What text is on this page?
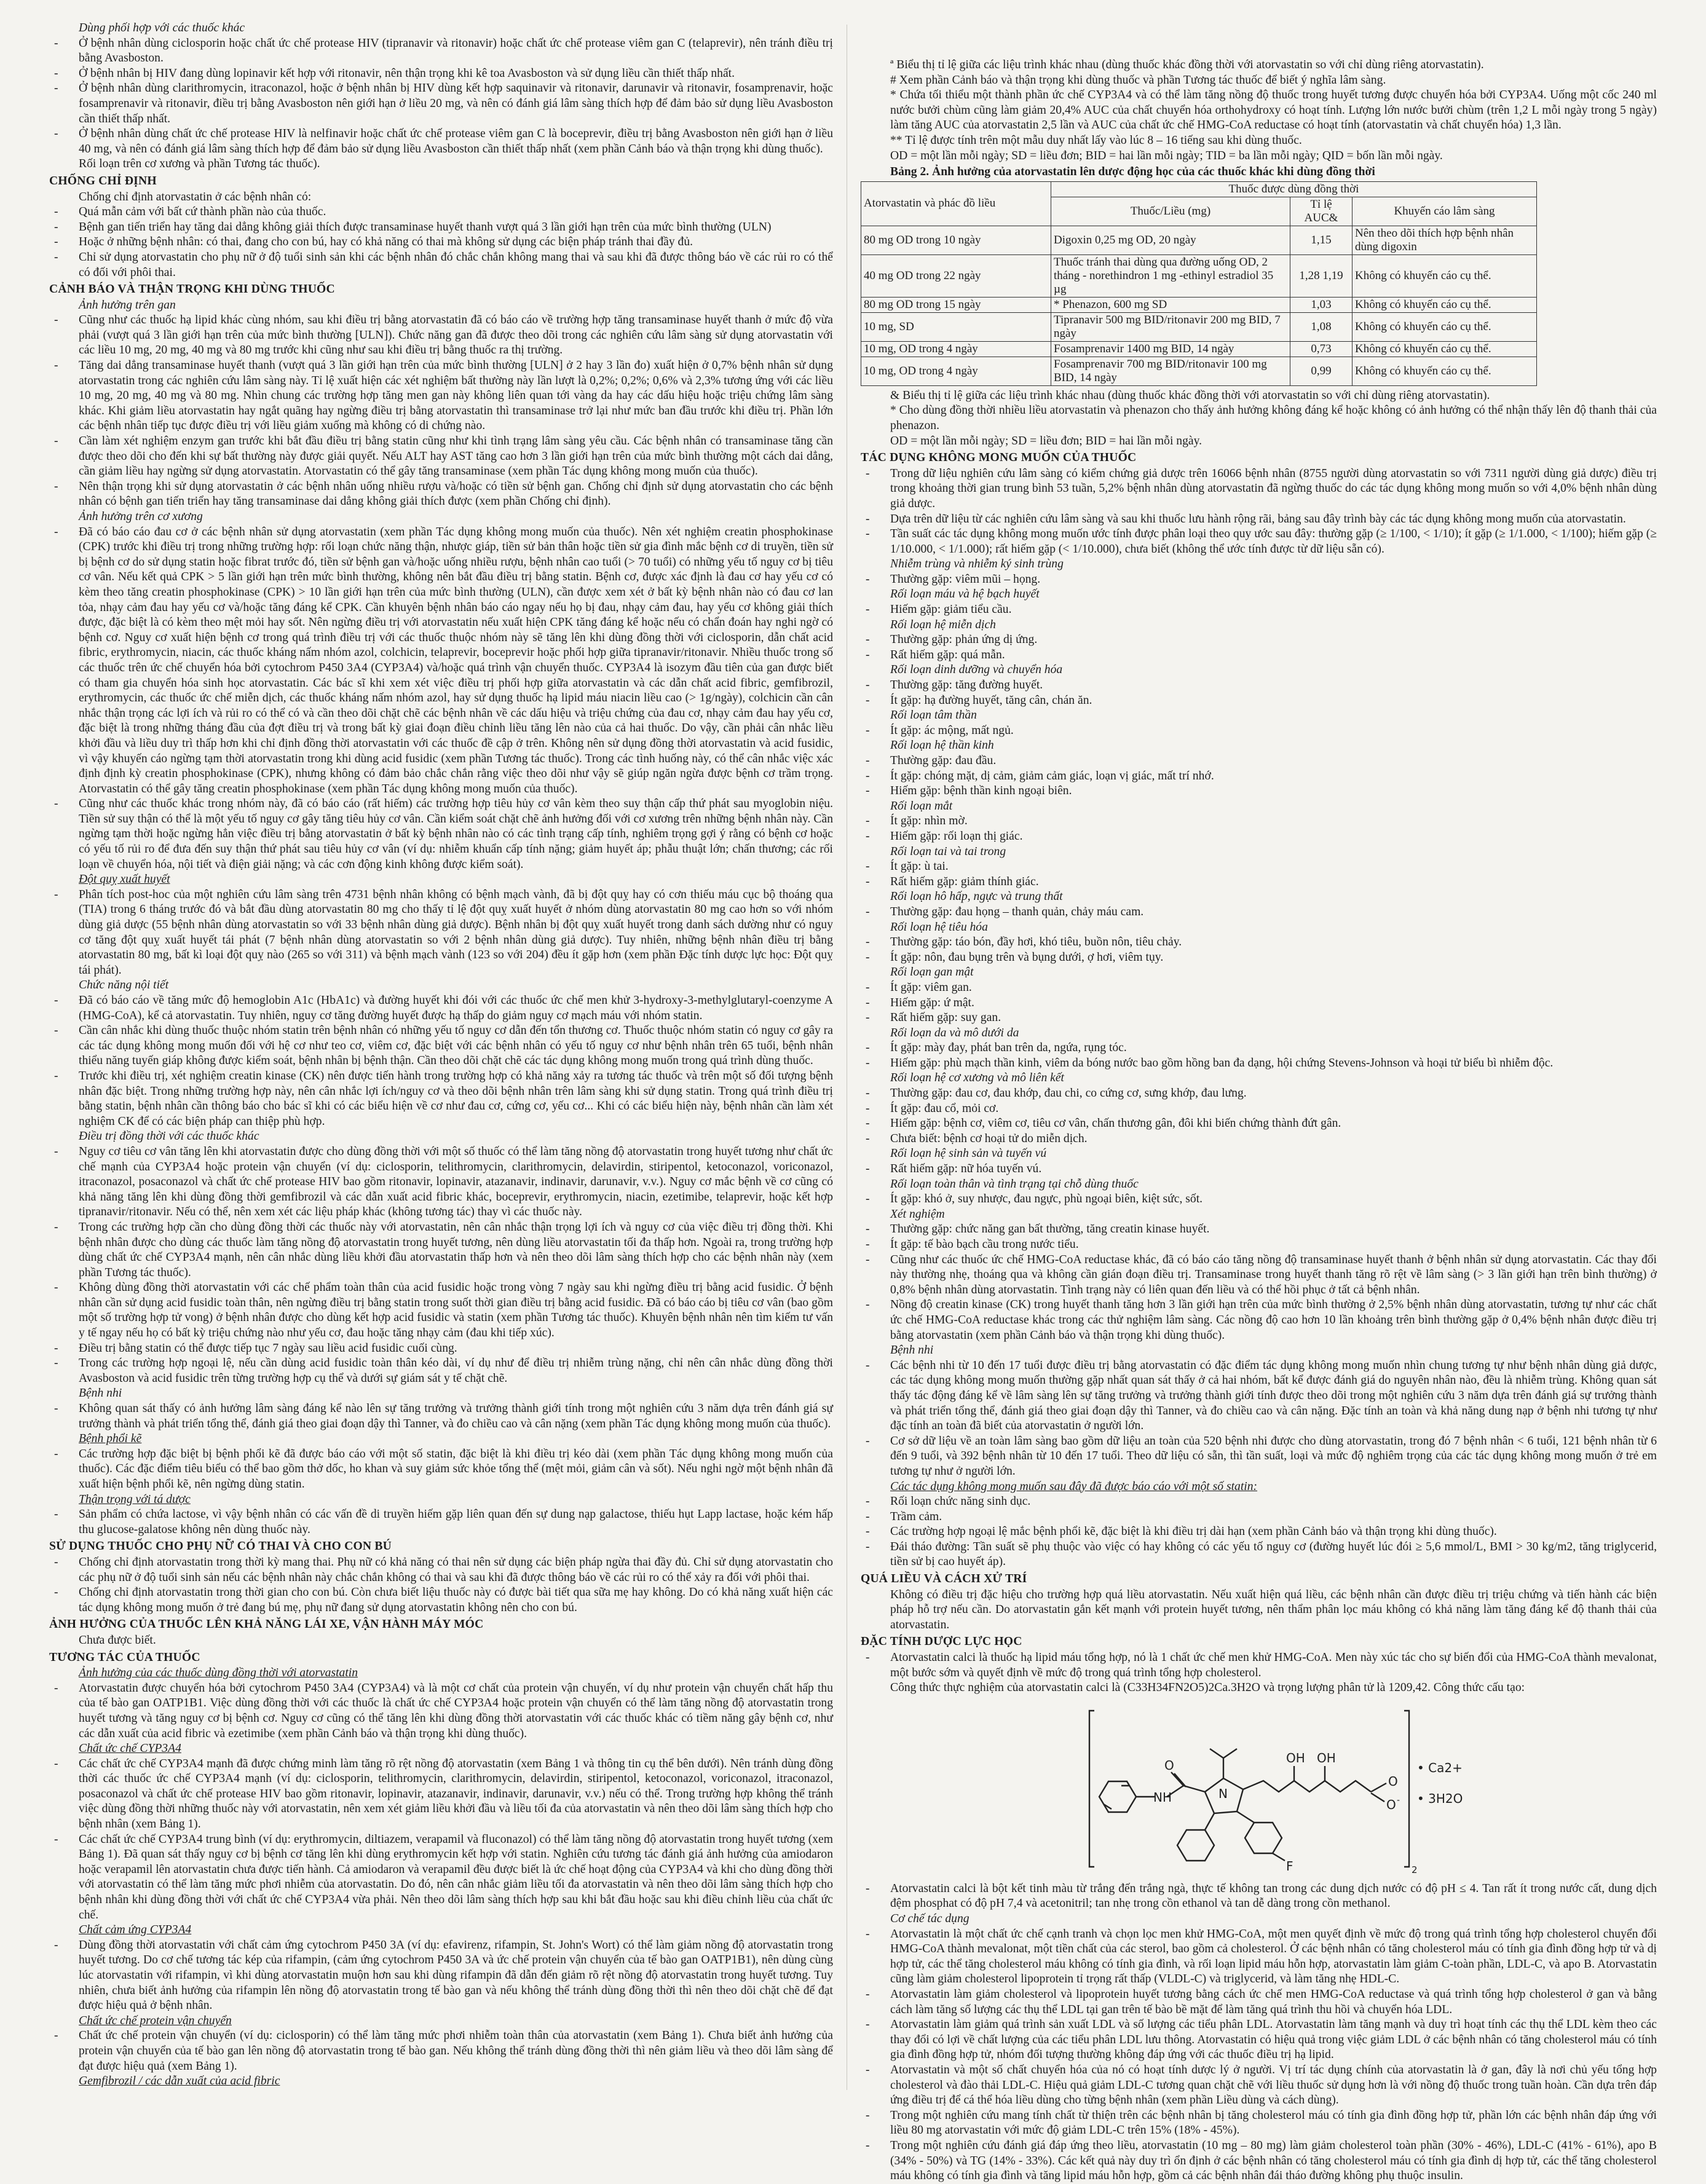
Dùng phối hợp với các thuốc khác

- Ở bệnh nhân dùng ciclosporin hoặc chất ức chế protease HIV (tipranavir và ritonavir) hoặc chất ức chế protease viêm gan C (telaprevir), nên tránh điều trị bằng Avasboston.
- Ở bệnh nhân bị HIV đang dùng lopinavir kết hợp với ritonavir, nên thận trọng khi kê toa Avasboston và sử dụng liều cần thiết thấp nhất.
- Ở bệnh nhân dùng clarithromycin, itraconazol, hoặc ở bệnh nhân bị HIV dùng kết hợp saquinavir và ritonavir, darunavir và ritonavir, fosamprenavir, hoặc fosamprenavir và ritonavir, điều trị bằng Avasboston nên giới hạn ở liều 20 mg, và nên có đánh giá lâm sàng thích hợp để đảm bảo sử dụng liều Avasboston cần thiết thấp nhất.
- Ở bệnh nhân dùng chất ức chế protease HIV là nelfinavir hoặc chất ức chế protease viêm gan C là boceprevir, điều trị bằng Avasboston nên giới hạn ở liều 40 mg, và nên có đánh giá lâm sàng thích hợp để đảm bảo sử dụng liều Avasboston cần thiết thấp nhất (xem phần Cảnh báo và thận trọng khi dùng thuốc).

Rối loạn trên cơ xương và phần Tương tác thuốc).

CHỐNG CHỈ ĐỊNH

Chống chỉ định atorvastatin ở các bệnh nhân có:

- Quá mẫn cảm với bất cứ thành phần nào của thuốc.
- Bệnh gan tiến triển hay tăng dai dẳng không giải thích được transaminase huyết thanh vượt quá 3 lần giới hạn trên của mức bình thường (ULN)
- Hoặc ở những bệnh nhân: có thai, đang cho con bú, hay có khả năng có thai mà không sử dụng các biện pháp tránh thai đầy đủ.
- Chỉ sử dụng atorvastatin cho phụ nữ ở độ tuổi sinh sản khi các bệnh nhân đó chắc chắn không mang thai và sau khi đã được thông báo về các rủi ro có thể có đối với phôi thai.

CẢNH BÁO VÀ THẬN TRỌNG KHI DÙNG THUỐC

Ảnh hưởng trên gan

- Cũng như các thuốc hạ lipid khác cùng nhóm, sau khi điều trị bằng atorvastatin đã có báo cáo về trường hợp tăng transaminase huyết thanh ở mức độ vừa phải (vượt quá 3 lần giới hạn trên của mức bình thường [ULN]). Chức năng gan đã được theo dõi trong các nghiên cứu lâm sàng sử dụng atorvastatin với các liều 10 mg, 20 mg, 40 mg và 80 mg trước khi cũng như sau khi điều trị bằng thuốc ra thị trường.
- Tăng dai dẳng transaminase huyết thanh (vượt quá 3 lần giới hạn trên của mức bình thường [ULN] ở 2 hay 3 lần đo) xuất hiện ở 0,7% bệnh nhân sử dụng atorvastatin trong các nghiên cứu lâm sàng này. Tỉ lệ xuất hiện các xét nghiệm bất thường này lần lượt là 0,2%; 0,2%; 0,6% và 2,3% tương ứng với các liều 10 mg, 20 mg, 40 mg và 80 mg. Nhìn chung các trường hợp tăng men gan này không liên quan tới vàng da hay các dấu hiệu hoặc triệu chứng lâm sàng khác. Khi giảm liều atorvastatin hay ngắt quãng hay ngừng điều trị bằng atorvastatin thì transaminase trở lại như mức ban đầu trước khi điều trị. Phần lớn các bệnh nhân tiếp tục được điều trị với liều giảm xuống mà không có di chứng nào.
- Cần làm xét nghiệm enzym gan trước khi bắt đầu điều trị bằng statin cũng như khi tình trạng lâm sàng yêu cầu. Các bệnh nhân có transaminase tăng cần được theo dõi cho đến khi sự bất thường này được giải quyết. Nếu ALT hay AST tăng cao hơn 3 lần giới hạn trên của mức bình thường một cách dai dẳng, cần giảm liều hay ngừng sử dụng atorvastatin. Atorvastatin có thể gây tăng transaminase (xem phần Tác dụng không mong muốn của thuốc).
- Nên thận trọng khi sử dụng atorvastatin ở các bệnh nhân uống nhiều rượu và/hoặc có tiền sử bệnh gan. Chống chỉ định sử dụng atorvastatin cho các bệnh nhân có bệnh gan tiến triển hay tăng transaminase dai dẳng không giải thích được (xem phần Chống chỉ định).

Ảnh hưởng trên cơ xương

- Đã có báo cáo đau cơ ở các bệnh nhân sử dụng atorvastatin (xem phần Tác dụng không mong muốn của thuốc). Nên xét nghiệm creatin phosphokinase (CPK) trước khi điều trị trong những trường hợp: rối loạn chức năng thận, nhược giáp, tiền sử bản thân hoặc tiền sử gia đình mắc bệnh cơ di truyền, tiền sử bị bệnh cơ do sử dụng statin hoặc fibrat trước đó, tiền sử bệnh gan và/hoặc uống nhiều rượu, bệnh nhân cao tuổi (> 70 tuổi) có những yếu tố nguy cơ bị tiêu cơ vân. Nếu kết quả CPK > 5 lần giới hạn trên mức bình thường, không nên bắt đầu điều trị bằng statin. Bệnh cơ, được xác định là đau cơ hay yếu cơ có kèm theo tăng creatin phosphokinase (CPK) > 10 lần giới hạn trên của mức bình thường (ULN), cần được xem xét ở bất kỳ bệnh nhân nào có đau cơ lan tỏa, nhạy cảm đau hay yếu cơ và/hoặc tăng đáng kể CPK. Cần khuyên bệnh nhân báo cáo ngay nếu họ bị đau, nhạy cảm đau, hay yếu cơ không giải thích được, đặc biệt là có kèm theo mệt mỏi hay sốt. Nên ngừng điều trị với atorvastatin nếu xuất hiện CPK tăng đáng kể hoặc nếu có chẩn đoán hay nghi ngờ có bệnh cơ. Nguy cơ xuất hiện bệnh cơ trong quá trình điều trị với các thuốc thuộc nhóm này sẽ tăng lên khi dùng đồng thời với ciclosporin, dẫn chất acid fibric, erythromycin, niacin, các thuốc kháng nấm nhóm azol, colchicin, telaprevir, boceprevir hoặc phối hợp giữa tipranavir/ritonavir. Nhiều thuốc trong số các thuốc trên ức chế chuyển hóa bởi cytochrom P450 3A4 (CYP3A4) và/hoặc quá trình vận chuyển thuốc. CYP3A4 là isozym đầu tiên của gan được biết có tham gia chuyển hóa sinh học atorvastatin. Các bác sĩ khi xem xét việc điều trị phối hợp giữa atorvastatin và các dẫn chất acid fibric, gemfibrozil, erythromycin, các thuốc ức chế miễn dịch, các thuốc kháng nấm nhóm azol, hay sử dụng thuốc hạ lipid máu niacin liều cao (> 1g/ngày), colchicin cần cân nhắc thận trọng các lợi ích và rủi ro có thể có và cần theo dõi chặt chẽ các bệnh nhân về các dấu hiệu và triệu chứng của đau cơ, nhạy cảm đau hay yếu cơ, đặc biệt là trong những tháng đầu của đợt điều trị và trong bất kỳ giai đoạn điều chỉnh liều tăng lên nào của cả hai thuốc. Do vậy, cần phải cân nhắc liều khởi đầu và liều duy trì thấp hơn khi chỉ định đồng thời atorvastatin với các thuốc đề cập ở trên. Không nên sử dụng đồng thời atorvastatin và acid fusidic, vì vậy khuyến cáo ngừng tạm thời atorvastatin trong khi dùng acid fusidic (xem phần Tương tác thuốc). Trong các tình huống này, có thể cân nhắc việc xác định định kỳ creatin phosphokinase (CPK), nhưng không có đảm bảo chắc chắn rằng việc theo dõi như vậy sẽ giúp ngăn ngừa được bệnh cơ trầm trọng. Atorvastatin có thể gây tăng creatin phosphokinase (xem phần Tác dụng không mong muốn của thuốc).
- Cũng như các thuốc khác trong nhóm này, đã có báo cáo (rất hiếm) các trường hợp tiêu hủy cơ vân kèm theo suy thận cấp thứ phát sau myoglobin niệu. Tiền sử suy thận có thể là một yếu tố nguy cơ gây tăng tiêu hủy cơ vân. Cần kiểm soát chặt chẽ ảnh hưởng đối với cơ xương trên những bệnh nhân này. Cần ngừng tạm thời hoặc ngừng hẳn việc điều trị bằng atorvastatin ở bất kỳ bệnh nhân nào có các tình trạng cấp tính, nghiêm trọng gợi ý rằng có bệnh cơ hoặc có yếu tố rủi ro để đưa đến suy thận thứ phát sau tiêu hủy cơ vân (ví dụ: nhiễm khuẩn cấp tính nặng; giảm huyết áp; phẫu thuật lớn; chấn thương; các rối loạn về chuyển hóa, nội tiết và điện giải nặng; và các cơn động kinh không được kiểm soát).

Đột quỵ xuất huyết

- Phân tích post-hoc của một nghiên cứu lâm sàng trên 4731 bệnh nhân không có bệnh mạch vành, đã bị đột quỵ hay có cơn thiếu máu cục bộ thoáng qua (TIA) trong 6 tháng trước đó và bắt đầu dùng atorvastatin 80 mg cho thấy tỉ lệ đột quỵ xuất huyết ở nhóm dùng atorvastatin 80 mg cao hơn so với nhóm dùng giả dược (55 bệnh nhân dùng atorvastatin so với 33 bệnh nhân dùng giả dược). Bệnh nhân bị đột quỵ xuất huyết trong danh sách dường như có nguy cơ tăng đột quỵ xuất huyết tái phát (7 bệnh nhân dùng atorvastatin so với 2 bệnh nhân dùng giả dược). Tuy nhiên, những bệnh nhân điều trị bằng atorvastatin 80 mg, bất kì loại đột quỵ nào (265 so với 311) và bệnh mạch vành (123 so với 204) đều ít gặp hơn (xem phần Đặc tính dược lực học: Đột quỵ tái phát).

Chức năng nội tiết

- Đã có báo cáo về tăng mức độ hemoglobin A1c (HbA1c) và đường huyết khi đói với các thuốc ức chế men khử 3-hydroxy-3-methylglutaryl-coenzyme A (HMG-CoA), kể cả atorvastatin. Tuy nhiên, nguy cơ tăng đường huyết được hạ thấp do giảm nguy cơ mạch máu với nhóm statin.
- Cần cân nhắc khi dùng thuốc thuộc nhóm statin trên bệnh nhân có những yếu tố nguy cơ dẫn đến tổn thương cơ. Thuốc thuộc nhóm statin có nguy cơ gây ra các tác dụng không mong muốn đối với hệ cơ như teo cơ, viêm cơ, đặc biệt với các bệnh nhân có yếu tố nguy cơ như bệnh nhân trên 65 tuổi, bệnh nhân thiểu năng tuyến giáp không được kiểm soát, bệnh nhân bị bệnh thận. Cần theo dõi chặt chẽ các tác dụng không mong muốn trong quá trình dùng thuốc.
- Trước khi điều trị, xét nghiệm creatin kinase (CK) nên được tiến hành trong trường hợp có khả năng xảy ra tương tác thuốc và trên một số đối tượng bệnh nhân đặc biệt. Trong những trường hợp này, nên cân nhắc lợi ích/nguy cơ và theo dõi bệnh nhân trên lâm sàng khi sử dụng statin. Trong quá trình điều trị bằng statin, bệnh nhân cần thông báo cho bác sĩ khi có các biểu hiện về cơ như đau cơ, cứng cơ, yếu cơ... Khi có các biểu hiện này, bệnh nhân cần làm xét nghiệm CK để có các biện pháp can thiệp phù hợp.

Điều trị đồng thời với các thuốc khác

- Nguy cơ tiêu cơ vân tăng lên khi atorvastatin được cho dùng đồng thời với một số thuốc có thể làm tăng nồng độ atorvastatin trong huyết tương như chất ức chế mạnh của CYP3A4 hoặc protein vận chuyển (ví dụ: ciclosporin, telithromycin, clarithromycin, delavirdin, stiripentol, ketoconazol, voriconazol, itraconazol, posaconazol và chất ức chế protease HIV bao gồm ritonavir, lopinavir, atazanavir, indinavir, darunavir, v.v.). Nguy cơ mắc bệnh về cơ cũng có khả năng tăng lên khi dùng đồng thời gemfibrozil và các dẫn xuất acid fibric khác, boceprevir, erythromycin, niacin, ezetimibe, telaprevir, hoặc kết hợp tipranavir/ritonavir. Nếu có thể, nên xem xét các liệu pháp khác (không tương tác) thay vì các thuốc này.
- Trong các trường hợp cần cho dùng đồng thời các thuốc này với atorvastatin, nên cân nhắc thận trọng lợi ích và nguy cơ của việc điều trị đồng thời. Khi bệnh nhân được cho dùng các thuốc làm tăng nồng độ atorvastatin trong huyết tương, nên dùng liều atorvastatin tối đa thấp hơn. Ngoài ra, trong trường hợp dùng chất ức chế CYP3A4 mạnh, nên cân nhắc dùng liều khởi đầu atorvastatin thấp hơn và nên theo dõi lâm sàng thích hợp cho các bệnh nhân này (xem phần Tương tác thuốc).
- Không dùng đồng thời atorvastatin với các chế phẩm toàn thân của acid fusidic hoặc trong vòng 7 ngày sau khi ngừng điều trị bằng acid fusidic. Ở bệnh nhân cần sử dụng acid fusidic toàn thân, nên ngừng điều trị bằng statin trong suốt thời gian điều trị bằng acid fusidic. Đã có báo cáo bị tiêu cơ vân (bao gồm một số trường hợp tử vong) ở bệnh nhân được cho dùng kết hợp acid fusidic và statin (xem phần Tương tác thuốc). Khuyên bệnh nhân nên tìm kiếm tư vấn y tế ngay nếu họ có bất kỳ triệu chứng nào như yếu cơ, đau hoặc tăng nhạy cảm (đau khi tiếp xúc).
- Điều trị bằng statin có thể được tiếp tục 7 ngày sau liều acid fusidic cuối cùng.
- Trong các trường hợp ngoại lệ, nếu cần dùng acid fusidic toàn thân kéo dài, ví dụ như để điều trị nhiễm trùng nặng, chỉ nên cân nhắc dùng đồng thời Avasboston và acid fusidic trên từng trường hợp cụ thể và dưới sự giám sát y tế chặt chẽ.

Bệnh nhi

- Không quan sát thấy có ảnh hưởng lâm sàng đáng kể nào lên sự tăng trưởng và trưởng thành giới tính trong một nghiên cứu 3 năm dựa trên đánh giá sự trưởng thành và phát triển tổng thể, đánh giá theo giai đoạn dậy thì Tanner, và đo chiều cao và cân nặng (xem phần Tác dụng không mong muốn của thuốc).

Bệnh phổi kẽ

- Các trường hợp đặc biệt bị bệnh phổi kẽ đã được báo cáo với một số statin, đặc biệt là khi điều trị kéo dài (xem phần Tác dụng không mong muốn của thuốc). Các đặc điểm tiêu biểu có thể bao gồm thở dốc, ho khan và suy giảm sức khỏe tổng thể (mệt mỏi, giảm cân và sốt). Nếu nghi ngờ một bệnh nhân đã xuất hiện bệnh phổi kẽ, nên ngừng dùng statin.

Thận trọng với tá dược

- Sản phẩm có chứa lactose, vì vậy bệnh nhân có các vấn đề di truyền hiếm gặp liên quan đến sự dung nạp galactose, thiếu hụt Lapp lactase, hoặc kém hấp thu glucose-galatose không nên dùng thuốc này.

SỬ DỤNG THUỐC CHO PHỤ NỮ CÓ THAI VÀ CHO CON BÚ

- Chống chỉ định atorvastatin trong thời kỳ mang thai. Phụ nữ có khả năng có thai nên sử dụng các biện pháp ngừa thai đầy đủ. Chỉ sử dụng atorvastatin cho các phụ nữ ở độ tuổi sinh sản nếu các bệnh nhân này chắc chắn không có thai và sau khi đã được thông báo về các rủi ro có thể xảy ra đối với phôi thai.
- Chống chỉ định atorvastatin trong thời gian cho con bú. Còn chưa biết liệu thuốc này có được bài tiết qua sữa mẹ hay không. Do có khả năng xuất hiện các tác dụng không mong muốn ở trẻ đang bú mẹ, phụ nữ đang sử dụng atorvastatin không nên cho con bú.

ẢNH HƯỞNG CỦA THUỐC LÊN KHẢ NĂNG LÁI XE, VẬN HÀNH MÁY MÓC

Chưa được biết.

TƯƠNG TÁC CỦA THUỐC

Ảnh hưởng của các thuốc dùng đồng thời với atorvastatin

- Atorvastatin được chuyển hóa bởi cytochrom P450 3A4 (CYP3A4) và là một cơ chất của protein vận chuyển, ví dụ như protein vận chuyển chất hấp thu của tế bào gan OATP1B1. Việc dùng đồng thời với các thuốc là chất ức chế CYP3A4 hoặc protein vận chuyển có thể làm tăng nồng độ atorvastatin trong huyết tương và tăng nguy cơ bị bệnh cơ. Nguy cơ cũng có thể tăng lên khi dùng đồng thời atorvastatin với các thuốc khác có tiềm năng gây bệnh cơ, như các dẫn xuất của acid fibric và ezetimibe (xem phần Cảnh báo và thận trọng khi dùng thuốc).

Chất ức chế CYP3A4

- Các chất ức chế CYP3A4 mạnh đã được chứng minh làm tăng rõ rệt nồng độ atorvastatin (xem Bảng 1 và thông tin cụ thể bên dưới). Nên tránh dùng đồng thời các thuốc ức chế CYP3A4 mạnh (ví dụ: ciclosporin, telithromycin, clarithromycin, delavirdin, stiripentol, ketoconazol, voriconazol, itraconazol, posaconazol và chất ức chế protease HIV bao gồm ritonavir, lopinavir, atazanavir, indinavir, darunavir, v.v.) nếu có thể. Trong trường hợp không thể tránh việc dùng đồng thời những thuốc này với atorvastatin, nên xem xét giảm liều khởi đầu và liều tối đa của atorvastatin và nên theo dõi lâm sàng thích hợp cho bệnh nhân (xem Bảng 1).
- Các chất ức chế CYP3A4 trung bình (ví dụ: erythromycin, diltiazem, verapamil và fluconazol) có thể làm tăng nồng độ atorvastatin trong huyết tương (xem Bảng 1). Đã quan sát thấy nguy cơ bị bệnh cơ tăng lên khi dùng erythromycin kết hợp với statin. Nghiên cứu tương tác đánh giá ảnh hưởng của amiodaron hoặc verapamil lên atorvastatin chưa được tiến hành. Cả amiodaron và verapamil đều được biết là ức chế hoạt động của CYP3A4 và khi cho dùng đồng thời với atorvastatin có thể làm tăng mức phơi nhiễm của atorvastatin. Do đó, nên cân nhắc giảm liều tối đa atorvastatin và nên theo dõi lâm sàng thích hợp cho bệnh nhân khi dùng đồng thời với chất ức chế CYP3A4 vừa phải. Nên theo dõi lâm sàng thích hợp sau khi bắt đầu hoặc sau khi điều chỉnh liều của chất ức chế.

Chất cảm ứng CYP3A4

- Dùng đồng thời atorvastatin với chất cảm ứng cytochrom P450 3A (ví dụ: efavirenz, rifampin, St. John's Wort) có thể làm giảm nồng độ atorvastatin trong huyết tương. Do cơ chế tương tác kép của rifampin, (cảm ứng cytochrom P450 3A và ức chế protein vận chuyển của tế bào gan OATP1B1), nên dùng cùng lúc atorvastatin với rifampin, vì khi dùng atorvastatin muộn hơn sau khi dùng rifampin đã dẫn đến giảm rõ rệt nồng độ atorvastatin trong huyết tương. Tuy nhiên, chưa biết ảnh hưởng của rifampin lên nồng độ atorvastatin trong tế bào gan và nếu không thể tránh dùng đồng thời thì nên theo dõi chặt chẽ để đạt được hiệu quả ở bệnh nhân.

Chất ức chế protein vận chuyển

- Chất ức chế protein vận chuyển (ví dụ: ciclosporin) có thể làm tăng mức phơi nhiễm toàn thân của atorvastatin (xem Bảng 1). Chưa biết ảnh hưởng của protein vận chuyển của tế bào gan lên nồng độ atorvastatin trong tế bào gan. Nếu không thể tránh dùng đồng thời thì nên giảm liều và theo dõi lâm sàng để đạt được hiệu quả (xem Bảng 1).

Gemfibrozil / các dẫn xuất của acid fibric

ª Biểu thị tỉ lệ giữa các liệu trình khác nhau (dùng thuốc khác đồng thời với atorvastatin so với chỉ dùng riêng atorvastatin).

# Xem phần Cảnh báo và thận trọng khi dùng thuốc và phần Tương tác thuốc để biết ý nghĩa lâm sàng.

* Chứa tối thiểu một thành phần ức chế CYP3A4 và có thể làm tăng nồng độ thuốc trong huyết tương được chuyển hóa bởi CYP3A4. Uống một cốc 240 ml nước bưởi chùm cũng làm giảm 20,4% AUC của chất chuyển hóa orthohydroxy có hoạt tính. Lượng lớn nước bưởi chùm (trên 1,2 L mỗi ngày trong 5 ngày) làm tăng AUC của atorvastatin 2,5 lần và AUC của chất ức chế HMG-CoA reductase có hoạt tính (atorvastatin và chất chuyển hóa) 1,3 lần.

** Tỉ lệ được tính trên một mẫu duy nhất lấy vào lúc 8 – 16 tiếng sau khi dùng thuốc.

OD = một lần mỗi ngày; SD = liều đơn; BID = hai lần mỗi ngày; TID = ba lần mỗi ngày; QID = bốn lần mỗi ngày.

Bảng 2. Ảnh hưởng của atorvastatin lên dược động học của các thuốc khác khi dùng đồng thời

Atorvastatin và phác đồ liều	Thuốc được dùng đồng thời		
	Thuốc/Liều (mg)	Tỉ lệ AUC&	Khuyến cáo lâm sàng
80 mg OD trong 10 ngày	Digoxin 0,25 mg OD, 20 ngày	1,15	Nên theo dõi thích hợp bệnh nhân dùng digoxin
40 mg OD trong 22 ngày	Thuốc tránh thai dùng qua đường uống OD, 2 tháng - norethindron 1 mg -ethinyl estradiol 35 µg	1,28 1,19	Không có khuyến cáo cụ thể.
80 mg OD trong 15 ngày	* Phenazon, 600 mg SD	1,03	Không có khuyến cáo cụ thể.
10 mg, SD	Tipranavir 500 mg BID/ritonavir 200 mg BID, 7 ngày	1,08	Không có khuyến cáo cụ thể.
10 mg, OD trong 4 ngày	Fosamprenavir 1400 mg BID, 14 ngày	0,73	Không có khuyến cáo cụ thể.
10 mg, OD trong 4 ngày	Fosamprenavir 700 mg BID/ritonavir 100 mg BID, 14 ngày	0,99	Không có khuyến cáo cụ thể.

& Biểu thị tỉ lệ giữa các liệu trình khác nhau (dùng thuốc khác đồng thời với atorvastatin so với chỉ dùng riêng atorvastatin).

* Cho dùng đồng thời nhiều liều atorvastatin và phenazon cho thấy ảnh hưởng không đáng kể hoặc không có ảnh hưởng có thể nhận thấy lên độ thanh thải của phenazon.

OD = một lần mỗi ngày; SD = liều đơn; BID = hai lần mỗi ngày.

TÁC DỤNG KHÔNG MONG MUỐN CỦA THUỐC

- Trong dữ liệu nghiên cứu lâm sàng có kiểm chứng giả dược trên 16066 bệnh nhân (8755 người dùng atorvastatin so với 7311 người dùng giả dược) điều trị trong khoảng thời gian trung bình 53 tuần, 5,2% bệnh nhân dùng atorvastatin đã ngừng thuốc do các tác dụng không mong muốn so với 4,0% bệnh nhân dùng giả dược.
- Dựa trên dữ liệu từ các nghiên cứu lâm sàng và sau khi thuốc lưu hành rộng rãi, bảng sau đây trình bày các tác dụng không mong muốn của atorvastatin.
- Tần suất các tác dụng không mong muốn ước tính được phân loại theo quy ước sau đây: thường gặp (≥ 1/100, < 1/10); ít gặp (≥ 1/1.000, < 1/100); hiếm gặp (≥ 1/10.000, < 1/1.000); rất hiếm gặp (< 1/10.000), chưa biết (không thể ước tính được từ dữ liệu sẵn có).

Nhiễm trùng và nhiễm ký sinh trùng

- Thường gặp: viêm mũi – họng.

Rối loạn máu và hệ bạch huyết

- Hiếm gặp: giảm tiểu cầu.

Rối loạn hệ miễn dịch

- Thường gặp: phản ứng dị ứng.
- Rất hiếm gặp: quá mẫn.

Rối loạn dinh dưỡng và chuyển hóa

- Thường gặp: tăng đường huyết.
- Ít gặp: hạ đường huyết, tăng cân, chán ăn.

Rối loạn tâm thần

- Ít gặp: ác mộng, mất ngủ.

Rối loạn hệ thần kinh

- Thường gặp: đau đầu.
- Ít gặp: chóng mặt, dị cảm, giảm cảm giác, loạn vị giác, mất trí nhớ.
- Hiếm gặp: bệnh thần kinh ngoại biên.

Rối loạn mắt

- Ít gặp: nhìn mờ.
- Hiếm gặp: rối loạn thị giác.

Rối loạn tai và tai trong

- Ít gặp: ù tai.
- Rất hiếm gặp: giảm thính giác.

Rối loạn hô hấp, ngực và trung thất

- Thường gặp: đau họng – thanh quản, chảy máu cam.

Rối loạn hệ tiêu hóa

- Thường gặp: táo bón, đầy hơi, khó tiêu, buồn nôn, tiêu chảy.
- Ít gặp: nôn, đau bụng trên và bụng dưới, ợ hơi, viêm tụy.

Rối loạn gan mật

- Ít gặp: viêm gan.
- Hiếm gặp: ứ mật.
- Rất hiếm gặp: suy gan.

Rối loạn da và mô dưới da

- Ít gặp: mày đay, phát ban trên da, ngứa, rụng tóc.
- Hiếm gặp: phù mạch thần kinh, viêm da bóng nước bao gồm hồng ban đa dạng, hội chứng Stevens-Johnson và hoại tử biểu bì nhiễm độc.

Rối loạn hệ cơ xương và mô liên kết

- Thường gặp: đau cơ, đau khớp, đau chi, co cứng cơ, sưng khớp, đau lưng.
- Ít gặp: đau cổ, mỏi cơ.
- Hiếm gặp: bệnh cơ, viêm cơ, tiêu cơ vân, chấn thương gân, đôi khi biến chứng thành đứt gân.
- Chưa biết: bệnh cơ hoại tử do miễn dịch.

Rối loạn hệ sinh sản và tuyến vú

- Rất hiếm gặp: nữ hóa tuyến vú.

Rối loạn toàn thân và tình trạng tại chỗ dùng thuốc

- Ít gặp: khó ở, suy nhược, đau ngực, phù ngoại biên, kiệt sức, sốt.

Xét nghiệm

- Thường gặp: chức năng gan bất thường, tăng creatin kinase huyết.
- Ít gặp: tế bào bạch cầu trong nước tiểu.
- Cũng như các thuốc ức chế HMG-CoA reductase khác, đã có báo cáo tăng nồng độ transaminase huyết thanh ở bệnh nhân sử dụng atorvastatin. Các thay đổi này thường nhẹ, thoáng qua và không cần gián đoạn điều trị. Transaminase trong huyết thanh tăng rõ rệt về lâm sàng (> 3 lần giới hạn trên bình thường) ở 0,8% bệnh nhân dùng atorvastatin. Tình trạng này có liên quan đến liều và có thể hồi phục ở tất cả bệnh nhân.
- Nồng độ creatin kinase (CK) trong huyết thanh tăng hơn 3 lần giới hạn trên của mức bình thường ở 2,5% bệnh nhân dùng atorvastatin, tương tự như các chất ức chế HMG-CoA reductase khác trong các thử nghiệm lâm sàng. Các nồng độ cao hơn 10 lần khoảng trên bình thường gặp ở 0,4% bệnh nhân được điều trị bằng atorvastatin (xem phần Cảnh báo và thận trọng khi dùng thuốc).

Bệnh nhi

- Các bệnh nhi từ 10 đến 17 tuổi được điều trị bằng atorvastatin có đặc điểm tác dụng không mong muốn nhìn chung tương tự như bệnh nhân dùng giả dược, các tác dụng không mong muốn thường gặp nhất quan sát thấy ở cả hai nhóm, bất kể được đánh giá do nguyên nhân nào, đều là nhiễm trùng. Không quan sát thấy tác động đáng kể về lâm sàng lên sự tăng trưởng và trưởng thành giới tính được theo dõi trong một nghiên cứu 3 năm dựa trên đánh giá sự trưởng thành và phát triển tổng thể, đánh giá theo giai đoạn dậy thì Tanner, và đo chiều cao và cân nặng. Đặc tính an toàn và khả năng dung nạp ở bệnh nhi tương tự như đặc tính an toàn đã biết của atorvastatin ở người lớn.
- Cơ sở dữ liệu về an toàn lâm sàng bao gồm dữ liệu an toàn của 520 bệnh nhi được cho dùng atorvastatin, trong đó 7 bệnh nhân < 6 tuổi, 121 bệnh nhân từ 6 đến 9 tuổi, và 392 bệnh nhân từ 10 đến 17 tuổi. Theo dữ liệu có sẵn, thì tần suất, loại và mức độ nghiêm trọng của các tác dụng không mong muốn ở trẻ em tương tự như ở người lớn.

Các tác dụng không mong muốn sau đây đã được báo cáo với một số statin:

- Rối loạn chức năng sinh dục.
- Trầm cảm.
- Các trường hợp ngoại lệ mắc bệnh phổi kẽ, đặc biệt là khi điều trị dài hạn (xem phần Cảnh báo và thận trọng khi dùng thuốc).
- Đái tháo đường: Tần suất sẽ phụ thuộc vào việc có hay không có các yếu tố nguy cơ (đường huyết lúc đói ≥ 5,6 mmol/L, BMI > 30 kg/m2, tăng triglycerid, tiền sử bị cao huyết áp).

QUÁ LIỀU VÀ CÁCH XỬ TRÍ

Không có điều trị đặc hiệu cho trường hợp quá liều atorvastatin. Nếu xuất hiện quá liều, các bệnh nhân cần được điều trị triệu chứng và tiến hành các biện pháp hỗ trợ nếu cần. Do atorvastatin gắn kết mạnh với protein huyết tương, nên thẩm phân lọc máu không có khả năng làm tăng đáng kể độ thanh thải của atorvastatin.

ĐẶC TÍNH DƯỢC LỰC HỌC

- Atorvastatin calci là thuốc hạ lipid máu tổng hợp, nó là 1 chất ức chế men khử HMG-CoA. Men này xúc tác cho sự biến đổi của HMG-CoA thành mevalonat, một bước sớm và quyết định về mức độ trong quá trình tổng hợp cholesterol.

Công thức thực nghiệm của atorvastatin calci là (C33H34FN2O5)2Ca.3H2O và trọng lượng phân tử là 1209,42. Công thức cấu tạo:

OH OH
O
O -
O
NH	N
F	2
• Ca2+
• 3H2O
- Atorvastatin calci là bột kết tinh màu từ trắng đến trắng ngà, thực tế không tan trong các dung dịch nước có độ pH ≤ 4. Tan rất ít trong nước cất, dung dịch đệm phosphat có độ pH 7,4 và acetonitril; tan nhẹ trong cồn ethanol và tan dễ dàng trong cồn methanol.

Cơ chế tác dụng

- Atorvastatin là một chất ức chế cạnh tranh và chọn lọc men khử HMG-CoA, một men quyết định về mức độ trong quá trình tổng hợp cholesterol chuyển đổi HMG-CoA thành mevalonat, một tiền chất của các sterol, bao gồm cả cholesterol. Ở các bệnh nhân có tăng cholesterol máu có tính gia đình đồng hợp tử và dị hợp tử, các thể tăng cholesterol máu không có tính gia đình, và rối loạn lipid máu hỗn hợp, atorvastatin làm giảm C-toàn phần, LDL-C, và apo B. Atorvastatin cũng làm giảm cholesterol lipoprotein tỉ trọng rất thấp (VLDL-C) và triglycerid, và làm tăng nhẹ HDL-C.
- Atorvastatin làm giảm cholesterol và lipoprotein huyết tương bằng cách ức chế men HMG-CoA reductase và quá trình tổng hợp cholesterol ở gan và bằng cách làm tăng số lượng các thụ thể LDL tại gan trên tế bào bề mặt để làm tăng quá trình thu hồi và chuyển hóa LDL.
- Atorvastatin làm giảm quá trình sản xuất LDL và số lượng các tiểu phân LDL. Atorvastatin làm tăng mạnh và duy trì hoạt tính các thụ thể LDL kèm theo các thay đổi có lợi về chất lượng của các tiểu phân LDL lưu thông. Atorvastatin có hiệu quả trong việc giảm LDL ở các bệnh nhân có tăng cholesterol máu có tính gia đình đồng hợp tử, nhóm đối tượng thường không đáp ứng với các thuốc điều trị hạ lipid.
- Atorvastatin và một số chất chuyển hóa của nó có hoạt tính dược lý ở người. Vị trí tác dụng chính của atorvastatin là ở gan, đây là nơi chủ yếu tổng hợp cholesterol và đào thải LDL-C. Hiệu quả giảm LDL-C tương quan chặt chẽ với liều thuốc sử dụng hơn là với nồng độ thuốc trong tuần hoàn. Cần dựa trên đáp ứng điều trị để cá thể hóa liều dùng cho từng bệnh nhân (xem phần Liều dùng và cách dùng).
- Trong một nghiên cứu mang tính chất từ thiện trên các bệnh nhân bị tăng cholesterol máu có tính gia đình đồng hợp tử, phần lớn các bệnh nhân đáp ứng với liều 80 mg atorvastatin với mức độ giảm LDL-C trên 15% (18% - 45%).
- Trong một nghiên cứu đánh giá đáp ứng theo liều, atorvastatin (10 mg – 80 mg) làm giảm cholesterol toàn phần (30% - 46%), LDL-C (41% - 61%), apo B (34% - 50%) và TG (14% - 33%). Các kết quả này duy trì ổn định ở các bệnh nhân có tăng cholesterol máu có tính gia đình dị hợp tử, các thể tăng cholesterol máu không có tính gia đình và tăng lipid máu hỗn hợp, gồm cả các bệnh nhân đái tháo đường không phụ thuộc insulin.
